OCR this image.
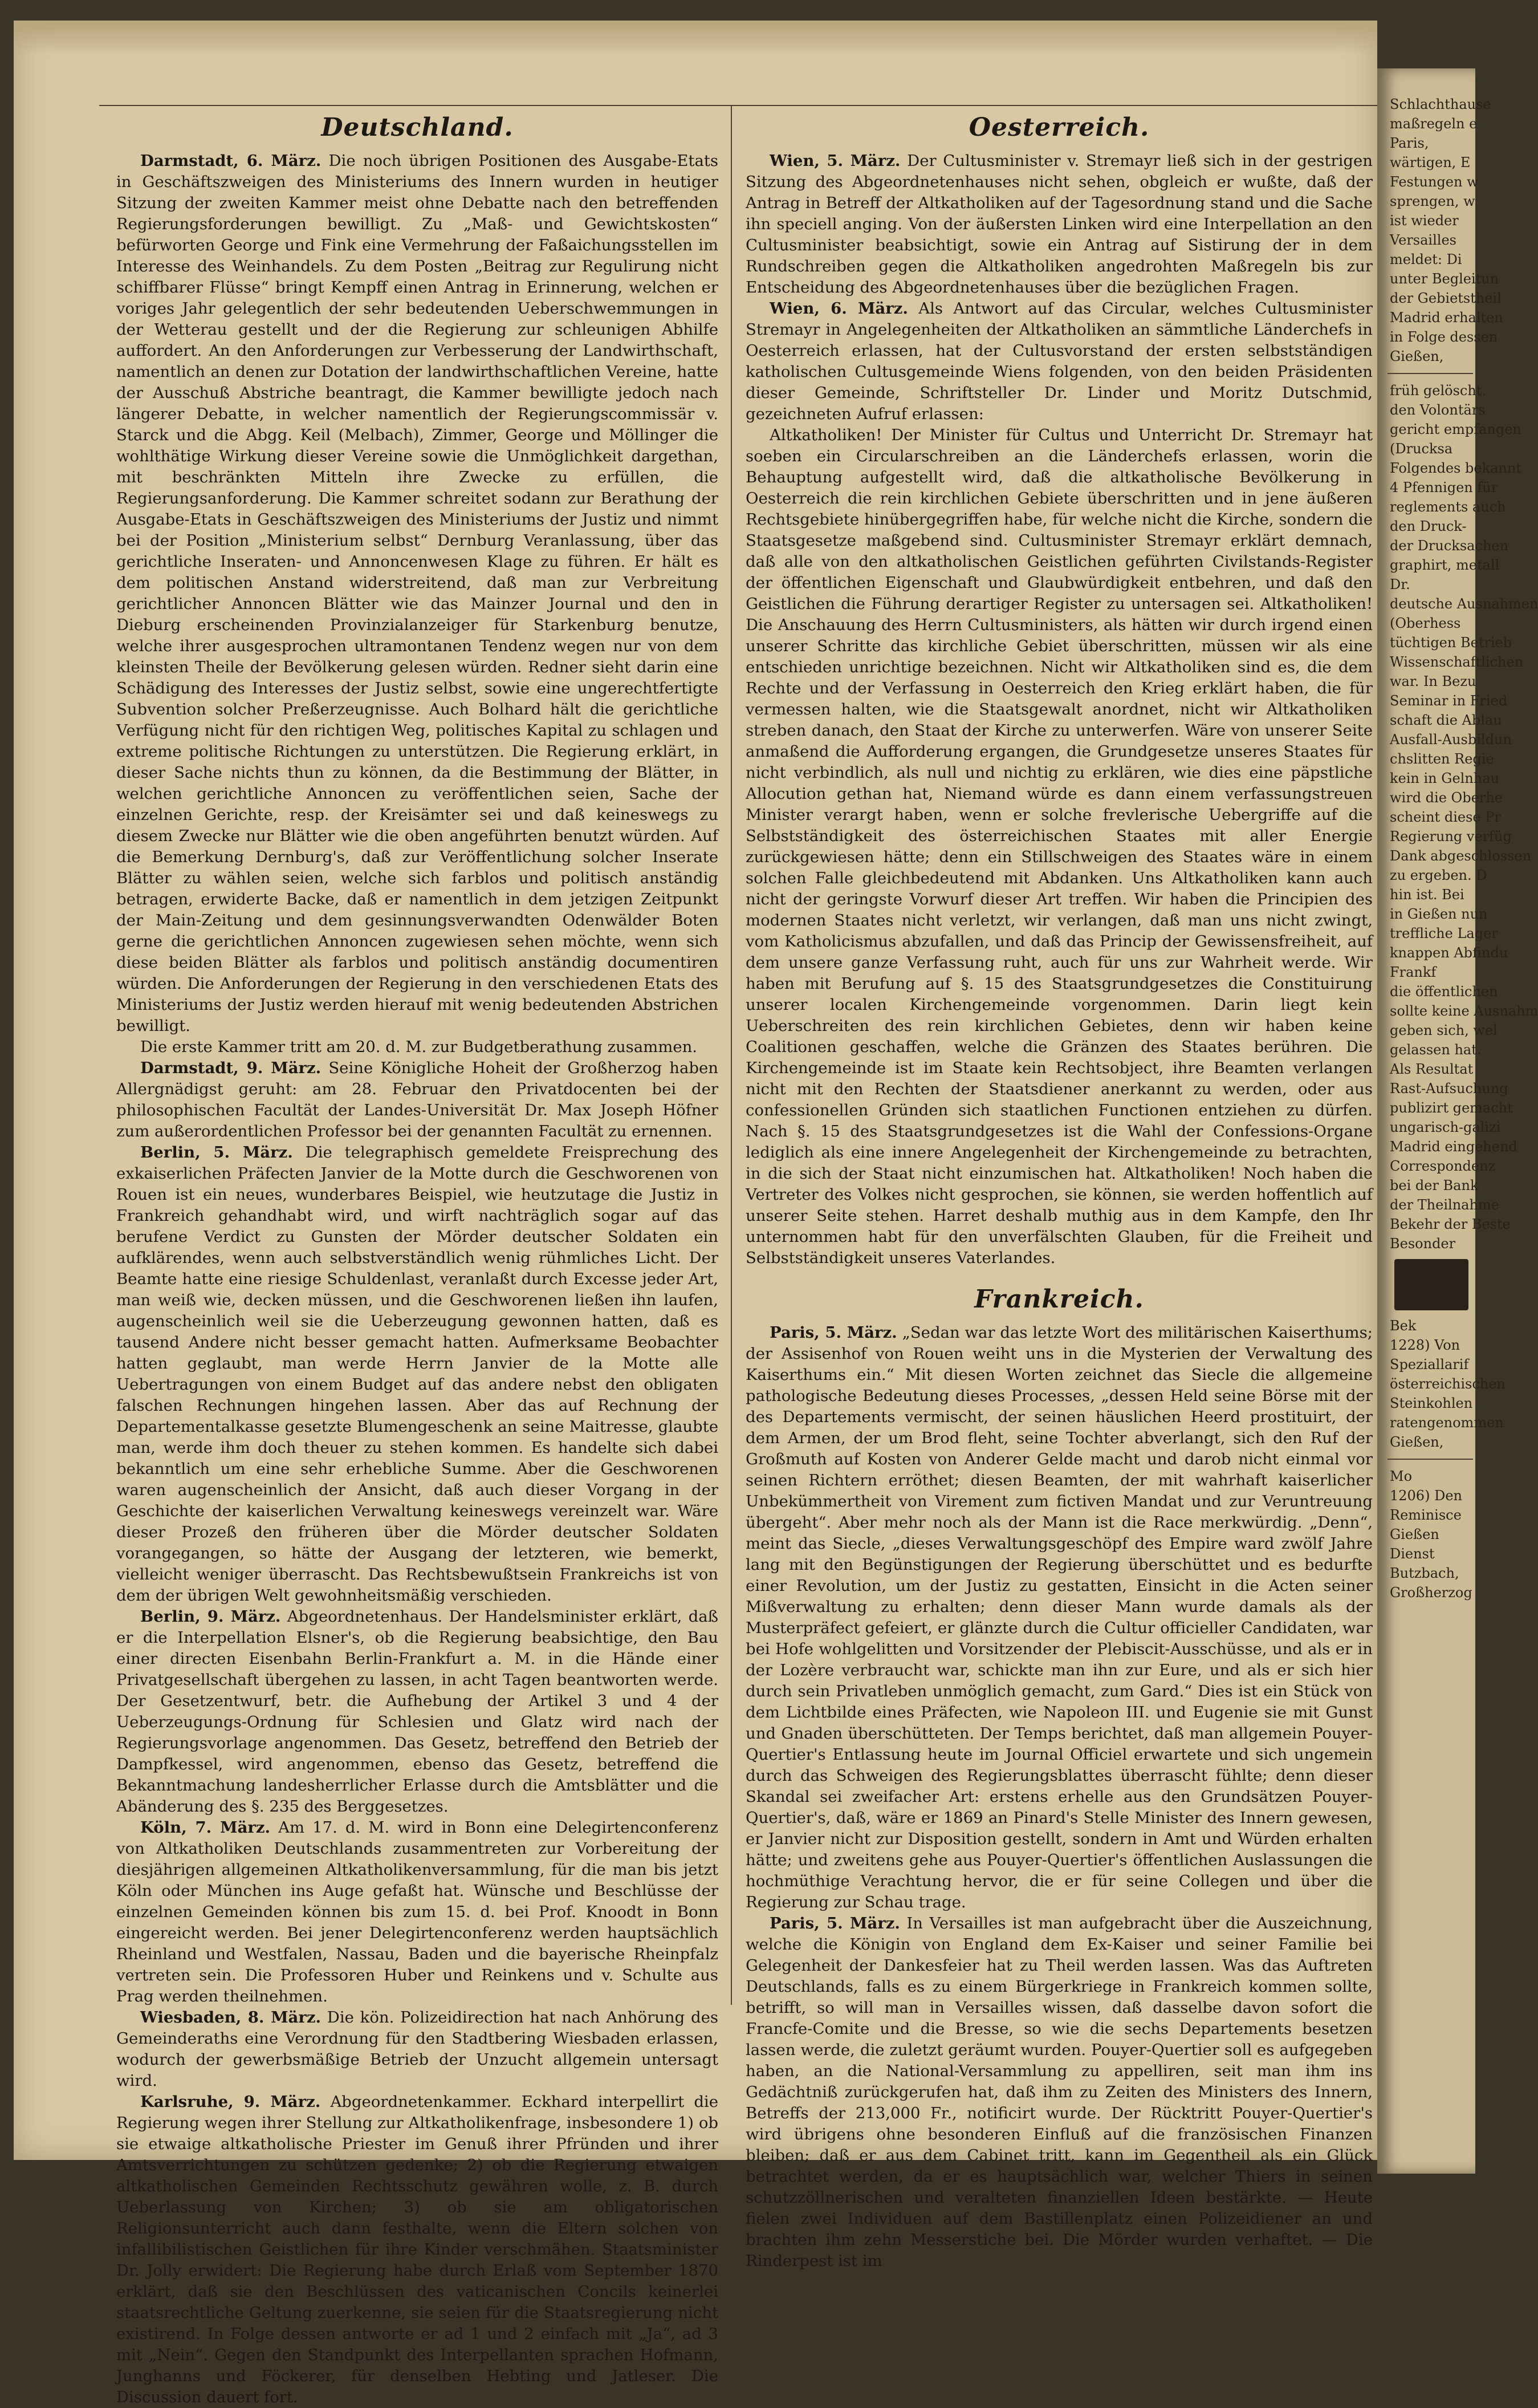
Deutschland.

Darmstadt, 6. März. Die noch übrigen Positionen des Ausgabe-Etats in Geschäftszweigen des Ministeriums des Innern wurden in heutiger Sitzung der zweiten Kammer meist ohne Debatte nach den betreffenden Regierungsforderungen bewilligt. Zu „Maß- und Gewichtskosten“ befürworten George und Fink eine Vermehrung der Faßaichungsstellen im Interesse des Weinhandels. Zu dem Posten „Beitrag zur Regulirung nicht schiffbarer Flüsse“ bringt Kempff einen Antrag in Erinnerung, welchen er voriges Jahr gelegentlich der sehr bedeutenden Ueberschwemmungen in der Wetterau gestellt und der die Regierung zur schleunigen Abhilfe auffordert. An den Anforderungen zur Verbesserung der Landwirthschaft, namentlich an denen zur Dotation der landwirthschaftlichen Vereine, hatte der Ausschuß Abstriche beantragt, die Kammer bewilligte jedoch nach längerer Debatte, in welcher namentlich der Regierungscommissär v. Starck und die Abgg. Keil (Melbach), Zimmer, George und Möllinger die wohlthätige Wirkung dieser Vereine sowie die Unmöglichkeit dargethan, mit beschränkten Mitteln ihre Zwecke zu erfüllen, die Regierungsanforderung. Die Kammer schreitet sodann zur Berathung der Ausgabe-Etats in Geschäftszweigen des Ministeriums der Justiz und nimmt bei der Position „Ministerium selbst“ Dernburg Veranlassung, über das gerichtliche Inseraten- und Annoncenwesen Klage zu führen. Er hält es dem politischen Anstand widerstreitend, daß man zur Verbreitung gerichtlicher Annoncen Blätter wie das Mainzer Journal und den in Dieburg erscheinenden Provinzialanzeiger für Starkenburg benutze, welche ihrer ausgesprochen ultramontanen Tendenz wegen nur von dem kleinsten Theile der Bevölkerung gelesen würden. Redner sieht darin eine Schädigung des Interesses der Justiz selbst, sowie eine ungerechtfertigte Subvention solcher Preßerzeugnisse. Auch Bolhard hält die gerichtliche Verfügung nicht für den richtigen Weg, politisches Kapital zu schlagen und extreme politische Richtungen zu unterstützen. Die Regierung erklärt, in dieser Sache nichts thun zu können, da die Bestimmung der Blätter, in welchen gerichtliche Annoncen zu veröffentlichen seien, Sache der einzelnen Gerichte, resp. der Kreisämter sei und daß keineswegs zu diesem Zwecke nur Blätter wie die oben angeführten benutzt würden. Auf die Bemerkung Dernburg's, daß zur Veröffentlichung solcher Inserate Blätter zu wählen seien, welche sich farblos und politisch anständig betragen, erwiderte Backe, daß er namentlich in dem jetzigen Zeitpunkt der Main-Zeitung und dem gesinnungsverwandten Odenwälder Boten gerne die gerichtlichen Annoncen zugewiesen sehen möchte, wenn sich diese beiden Blätter als farblos und politisch anständig documentiren würden. Die Anforderungen der Regierung in den verschiedenen Etats des Ministeriums der Justiz werden hierauf mit wenig bedeutenden Abstrichen bewilligt.

Die erste Kammer tritt am 20. d. M. zur Budgetberathung zusammen.

Darmstadt, 9. März. Seine Königliche Hoheit der Großherzog haben Allergnädigst geruht: am 28. Februar den Privatdocenten bei der philosophischen Facultät der Landes-Universität Dr. Max Joseph Höfner zum außerordentlichen Professor bei der genannten Facultät zu ernennen.

Berlin, 5. März. Die telegraphisch gemeldete Freisprechung des exkaiserlichen Präfecten Janvier de la Motte durch die Geschworenen von Rouen ist ein neues, wunderbares Beispiel, wie heutzutage die Justiz in Frankreich gehandhabt wird, und wirft nachträglich sogar auf das berufene Verdict zu Gunsten der Mörder deutscher Soldaten ein aufklärendes, wenn auch selbstverständlich wenig rühmliches Licht. Der Beamte hatte eine riesige Schuldenlast, veranlaßt durch Excesse jeder Art, man weiß wie, decken müssen, und die Geschworenen ließen ihn laufen, augenscheinlich weil sie die Ueberzeugung gewonnen hatten, daß es tausend Andere nicht besser gemacht hatten. Aufmerksame Beobachter hatten geglaubt, man werde Herrn Janvier de la Motte alle Uebertragungen von einem Budget auf das andere nebst den obligaten falschen Rechnungen hingehen lassen. Aber das auf Rechnung der Departementalkasse gesetzte Blumengeschenk an seine Maitresse, glaubte man, werde ihm doch theuer zu stehen kommen. Es handelte sich dabei bekanntlich um eine sehr erhebliche Summe. Aber die Geschworenen waren augenscheinlich der Ansicht, daß auch dieser Vorgang in der Geschichte der kaiserlichen Verwaltung keineswegs vereinzelt war. Wäre dieser Prozeß den früheren über die Mörder deutscher Soldaten vorangegangen, so hätte der Ausgang der letzteren, wie bemerkt, vielleicht weniger überrascht. Das Rechtsbewußtsein Frankreichs ist von dem der übrigen Welt gewohnheitsmäßig verschieden.

Berlin, 9. März. Abgeordnetenhaus. Der Handelsminister erklärt, daß er die Interpellation Elsner's, ob die Regierung beabsichtige, den Bau einer directen Eisenbahn Berlin-Frankfurt a. M. in die Hände einer Privatgesellschaft übergehen zu lassen, in acht Tagen beantworten werde. Der Gesetzentwurf, betr. die Aufhebung der Artikel 3 und 4 der Ueberzeugungs-Ordnung für Schlesien und Glatz wird nach der Regierungsvorlage angenommen. Das Gesetz, betreffend den Betrieb der Dampfkessel, wird angenommen, ebenso das Gesetz, betreffend die Bekanntmachung landesherrlicher Erlasse durch die Amtsblätter und die Abänderung des §. 235 des Berggesetzes.

Köln, 7. März. Am 17. d. M. wird in Bonn eine Delegirtenconferenz von Altkatholiken Deutschlands zusammentreten zur Vorbereitung der diesjährigen allgemeinen Altkatholikenversammlung, für die man bis jetzt Köln oder München ins Auge gefaßt hat. Wünsche und Beschlüsse der einzelnen Gemeinden können bis zum 15. d. bei Prof. Knoodt in Bonn eingereicht werden. Bei jener Delegirtenconferenz werden hauptsächlich Rheinland und Westfalen, Nassau, Baden und die bayerische Rheinpfalz vertreten sein. Die Professoren Huber und Reinkens und v. Schulte aus Prag werden theilnehmen.

Wiesbaden, 8. März. Die kön. Polizeidirection hat nach Anhörung des Gemeinderaths eine Verordnung für den Stadtbering Wiesbaden erlassen, wodurch der gewerbsmäßige Betrieb der Unzucht allgemein untersagt wird.

Karlsruhe, 9. März. Abgeordnetenkammer. Eckhard interpellirt die Regierung wegen ihrer Stellung zur Altkatholikenfrage, insbesondere 1) ob sie etwaige altkatholische Priester im Genuß ihrer Pfründen und ihrer Amtsverrichtungen zu schützen gedenke; 2) ob die Regierung etwaigen altkatholischen Gemeinden Rechtsschutz gewähren wolle, z. B. durch Ueberlassung von Kirchen; 3) ob sie am obligatorischen Religionsunterricht auch dann festhalte, wenn die Eltern solchen von infallibilistischen Geistlichen für ihre Kinder verschmähen. Staatsminister Dr. Jolly erwidert: Die Regierung habe durch Erlaß vom September 1870 erklärt, daß sie den Beschlüssen des vaticanischen Concils keinerlei staatsrechtliche Geltung zuerkenne, sie seien für die Staatsregierung nicht existirend. In Folge dessen antworte er ad 1 und 2 einfach mit „Ja“, ad 3 mit „Nein“. Gegen den Standpunkt des Interpellanten sprachen Hofmann, Junghanns und Föckerer, für denselben Hebting und Jatleser. Die Discussion dauert fort.

Oesterreich.

Wien, 5. März. Der Cultusminister v. Stremayr ließ sich in der gestrigen Sitzung des Abgeordnetenhauses nicht sehen, obgleich er wußte, daß der Antrag in Betreff der Altkatholiken auf der Tagesordnung stand und die Sache ihn speciell anging. Von der äußersten Linken wird eine Interpellation an den Cultusminister beabsichtigt, sowie ein Antrag auf Sistirung der in dem Rundschreiben gegen die Altkatholiken angedrohten Maßregeln bis zur Entscheidung des Abgeordnetenhauses über die bezüglichen Fragen.

Wien, 6. März. Als Antwort auf das Circular, welches Cultusminister Stremayr in Angelegenheiten der Altkatholiken an sämmtliche Länderchefs in Oesterreich erlassen, hat der Cultusvorstand der ersten selbstständigen katholischen Cultusgemeinde Wiens folgenden, von den beiden Präsidenten dieser Gemeinde, Schriftsteller Dr. Linder und Moritz Dutschmid, gezeichneten Aufruf erlassen:

Altkatholiken! Der Minister für Cultus und Unterricht Dr. Stremayr hat soeben ein Circularschreiben an die Länderchefs erlassen, worin die Behauptung aufgestellt wird, daß die altkatholische Bevölkerung in Oesterreich die rein kirchlichen Gebiete überschritten und in jene äußeren Rechtsgebiete hinübergegriffen habe, für welche nicht die Kirche, sondern die Staatsgesetze maßgebend sind. Cultusminister Stremayr erklärt demnach, daß alle von den altkatholischen Geistlichen geführten Civilstands-Register der öffentlichen Eigenschaft und Glaubwürdigkeit entbehren, und daß den Geistlichen die Führung derartiger Register zu untersagen sei. Altkatholiken! Die Anschauung des Herrn Cultusministers, als hätten wir durch irgend einen unserer Schritte das kirchliche Gebiet überschritten, müssen wir als eine entschieden unrichtige bezeichnen. Nicht wir Altkatholiken sind es, die dem Rechte und der Verfassung in Oesterreich den Krieg erklärt haben, die für vermessen halten, wie die Staatsgewalt anordnet, nicht wir Altkatholiken streben danach, den Staat der Kirche zu unterwerfen. Wäre von unserer Seite anmaßend die Aufforderung ergangen, die Grundgesetze unseres Staates für nicht verbindlich, als null und nichtig zu erklären, wie dies eine päpstliche Allocution gethan hat, Niemand würde es dann einem verfassungstreuen Minister verargt haben, wenn er solche frevlerische Uebergriffe auf die Selbstständigkeit des österreichischen Staates mit aller Energie zurückgewiesen hätte; denn ein Stillschweigen des Staates wäre in einem solchen Falle gleichbedeutend mit Abdanken. Uns Altkatholiken kann auch nicht der geringste Vorwurf dieser Art treffen. Wir haben die Principien des modernen Staates nicht verletzt, wir verlangen, daß man uns nicht zwingt, vom Katholicismus abzufallen, und daß das Princip der Gewissensfreiheit, auf dem unsere ganze Verfassung ruht, auch für uns zur Wahrheit werde. Wir haben mit Berufung auf §. 15 des Staatsgrundgesetzes die Constituirung unserer localen Kirchengemeinde vorgenommen. Darin liegt kein Ueberschreiten des rein kirchlichen Gebietes, denn wir haben keine Coalitionen geschaffen, welche die Gränzen des Staates berühren. Die Kirchengemeinde ist im Staate kein Rechtsobject, ihre Beamten verlangen nicht mit den Rechten der Staatsdiener anerkannt zu werden, oder aus confessionellen Gründen sich staatlichen Functionen entziehen zu dürfen. Nach §. 15 des Staatsgrundgesetzes ist die Wahl der Confessions-Organe lediglich als eine innere Angelegenheit der Kirchengemeinde zu betrachten, in die sich der Staat nicht einzumischen hat. Altkatholiken! Noch haben die Vertreter des Volkes nicht gesprochen, sie können, sie werden hoffentlich auf unserer Seite stehen. Harret deshalb muthig aus in dem Kampfe, den Ihr unternommen habt für den unverfälschten Glauben, für die Freiheit und Selbstständigkeit unseres Vaterlandes.

Frankreich.

Paris, 5. März. „Sedan war das letzte Wort des militärischen Kaiserthums; der Assisenhof von Rouen weiht uns in die Mysterien der Verwaltung des Kaiserthums ein.“ Mit diesen Worten zeichnet das Siecle die allgemeine pathologische Bedeutung dieses Processes, „dessen Held seine Börse mit der des Departements vermischt, der seinen häuslichen Heerd prostituirt, der dem Armen, der um Brod fleht, seine Tochter abverlangt, sich den Ruf der Großmuth auf Kosten von Anderer Gelde macht und darob nicht einmal vor seinen Richtern erröthet; diesen Beamten, der mit wahrhaft kaiserlicher Unbekümmertheit von Virement zum fictiven Mandat und zur Veruntreuung übergeht“. Aber mehr noch als der Mann ist die Race merkwürdig. „Denn“, meint das Siecle, „dieses Verwaltungsgeschöpf des Empire ward zwölf Jahre lang mit den Begünstigungen der Regierung überschüttet und es bedurfte einer Revolution, um der Justiz zu gestatten, Einsicht in die Acten seiner Mißverwaltung zu erhalten; denn dieser Mann wurde damals als der Musterpräfect gefeiert, er glänzte durch die Cultur officieller Candidaten, war bei Hofe wohlgelitten und Vorsitzender der Plebiscit-Ausschüsse, und als er in der Lozère verbraucht war, schickte man ihn zur Eure, und als er sich hier durch sein Privatleben unmöglich gemacht, zum Gard.“ Dies ist ein Stück von dem Lichtbilde eines Präfecten, wie Napoleon III. und Eugenie sie mit Gunst und Gnaden überschütteten. Der Temps berichtet, daß man allgemein Pouyer-Quertier's Entlassung heute im Journal Officiel erwartete und sich ungemein durch das Schweigen des Regierungsblattes überrascht fühlte; denn dieser Skandal sei zweifacher Art: erstens erhelle aus den Grundsätzen Pouyer-Quertier's, daß, wäre er 1869 an Pinard's Stelle Minister des Innern gewesen, er Janvier nicht zur Disposition gestellt, sondern in Amt und Würden erhalten hätte; und zweitens gehe aus Pouyer-Quertier's öffentlichen Auslassungen die hochmüthige Verachtung hervor, die er für seine Collegen und über die Regierung zur Schau trage.

Paris, 5. März. In Versailles ist man aufgebracht über die Auszeichnung, welche die Königin von England dem Ex-Kaiser und seiner Familie bei Gelegenheit der Dankesfeier hat zu Theil werden lassen. Was das Auftreten Deutschlands, falls es zu einem Bürgerkriege in Frankreich kommen sollte, betrifft, so will man in Versailles wissen, daß dasselbe davon sofort die Francfe-Comite und die Bresse, so wie die sechs Departements besetzen lassen werde, die zuletzt geräumt wurden. Pouyer-Quertier soll es aufgegeben haben, an die National-Versammlung zu appelliren, seit man ihm ins Gedächtniß zurückgerufen hat, daß ihm zu Zeiten des Ministers des Innern, Betreffs der 213,000 Fr., notificirt wurde. Der Rücktritt Pouyer-Quertier's wird übrigens ohne besonderen Einfluß auf die französischen Finanzen bleiben; daß er aus dem Cabinet tritt, kann im Gegentheil als ein Glück betrachtet werden, da er es hauptsächlich war, welcher Thiers in seinen schutzzöllnerischen und veralteten finanziellen Ideen bestärkte. — Heute fielen zwei Individuen auf dem Bastillenplatz einen Polizeidiener an und brachten ihm zehn Messerstiche bei. Die Mörder wurden verhaftet. — Die Rinderpest ist im

Schlachthause
maßregeln e
Paris,
wärtigen, E
Festungen w
sprengen, w
ist wieder
Versailles
meldet: Di
unter Begleitun
der Gebietstheil
Madrid erhalten
in Folge dessen
Gießen,
früh gelöscht.
den Volontärs
gericht empfangen
(Drucksa
Folgendes bekannt
4 Pfennigen für
reglements auch
den Druck-
der Drucksachen
graphirt, metall
Dr.
deutsche Ausnahmen
(Oberhess
tüchtigen Betrieb
Wissenschaftlichen
war. In Bezu
Seminar in Fried
schaft die Ablau
Ausfall-Ausbildun
chslitten Regie
kein in Gelnhau
wird die Oberhe
scheint diese Pr
Regierung verfüg
Dank abgeschlossen
zu ergeben. D
hin ist. Bei
in Gießen nun
treffliche Lager
knappen Abfindu
Frankf
die öffentlichen
sollte keine Ausnahm
geben sich, wel
gelassen hat.
Als Resultat
Rast-Aufsuchung
publizirt gemacht
ungarisch-galizi
Madrid eingehend
Correspondenz
bei der Bank
der Theilnahme
Bekehr der Beste
Besonder
Bek
1228) Von
Speziallarif
österreichischen
Steinkohlen
ratengenommen
Gießen,
Mo
1206) Den
Reminisce
Gießen
Dienst
Butzbach,
Großherzog
